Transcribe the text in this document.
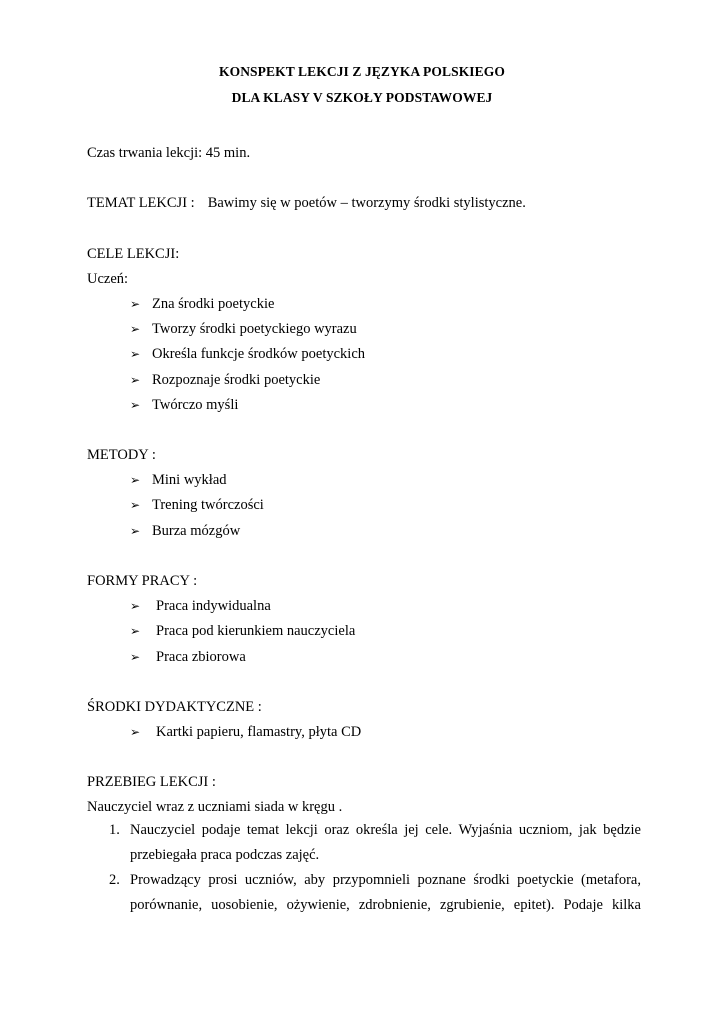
KONSPEKT LEKCJI Z JĘZYKA POLSKIEGO
DLA KLASY V SZKOŁY PODSTAWOWEJ
Czas trwania lekcji: 45 min.
TEMAT LEKCJI : Bawimy się w poetów – tworzymy środki stylistyczne.
CELE LEKCJI:
Uczeń:
➢ Zna środki poetyckie
➢ Tworzy środki poetyckiego wyrazu
➢ Określa funkcje środków poetyckich
➢ Rozpoznaje środki poetyckie
➢ Twórczo myśli
METODY :
➢ Mini wykład
➢ Trening twórczości
➢ Burza mózgów
FORMY PRACY :
➢ Praca indywidualna
➢ Praca pod kierunkiem nauczyciela
➢ Praca zbiorowa
ŚRODKI DYDAKTYCZNE :
➢ Kartki papieru, flamastry, płyta CD
PRZEBIEG LEKCJI :
Nauczyciel wraz z uczniami siada w kręgu .
1. Nauczyciel podaje temat lekcji oraz określa jej cele. Wyjaśnia uczniom, jak będzie przebiegała praca podczas zajęć.
2. Prowadzący prosi uczniów, aby przypomnieli poznane środki poetyckie (metafora, porównanie, uosobienie, ożywienie, zdrobnienie, zgrubienie, epitet). Podaje kilka
